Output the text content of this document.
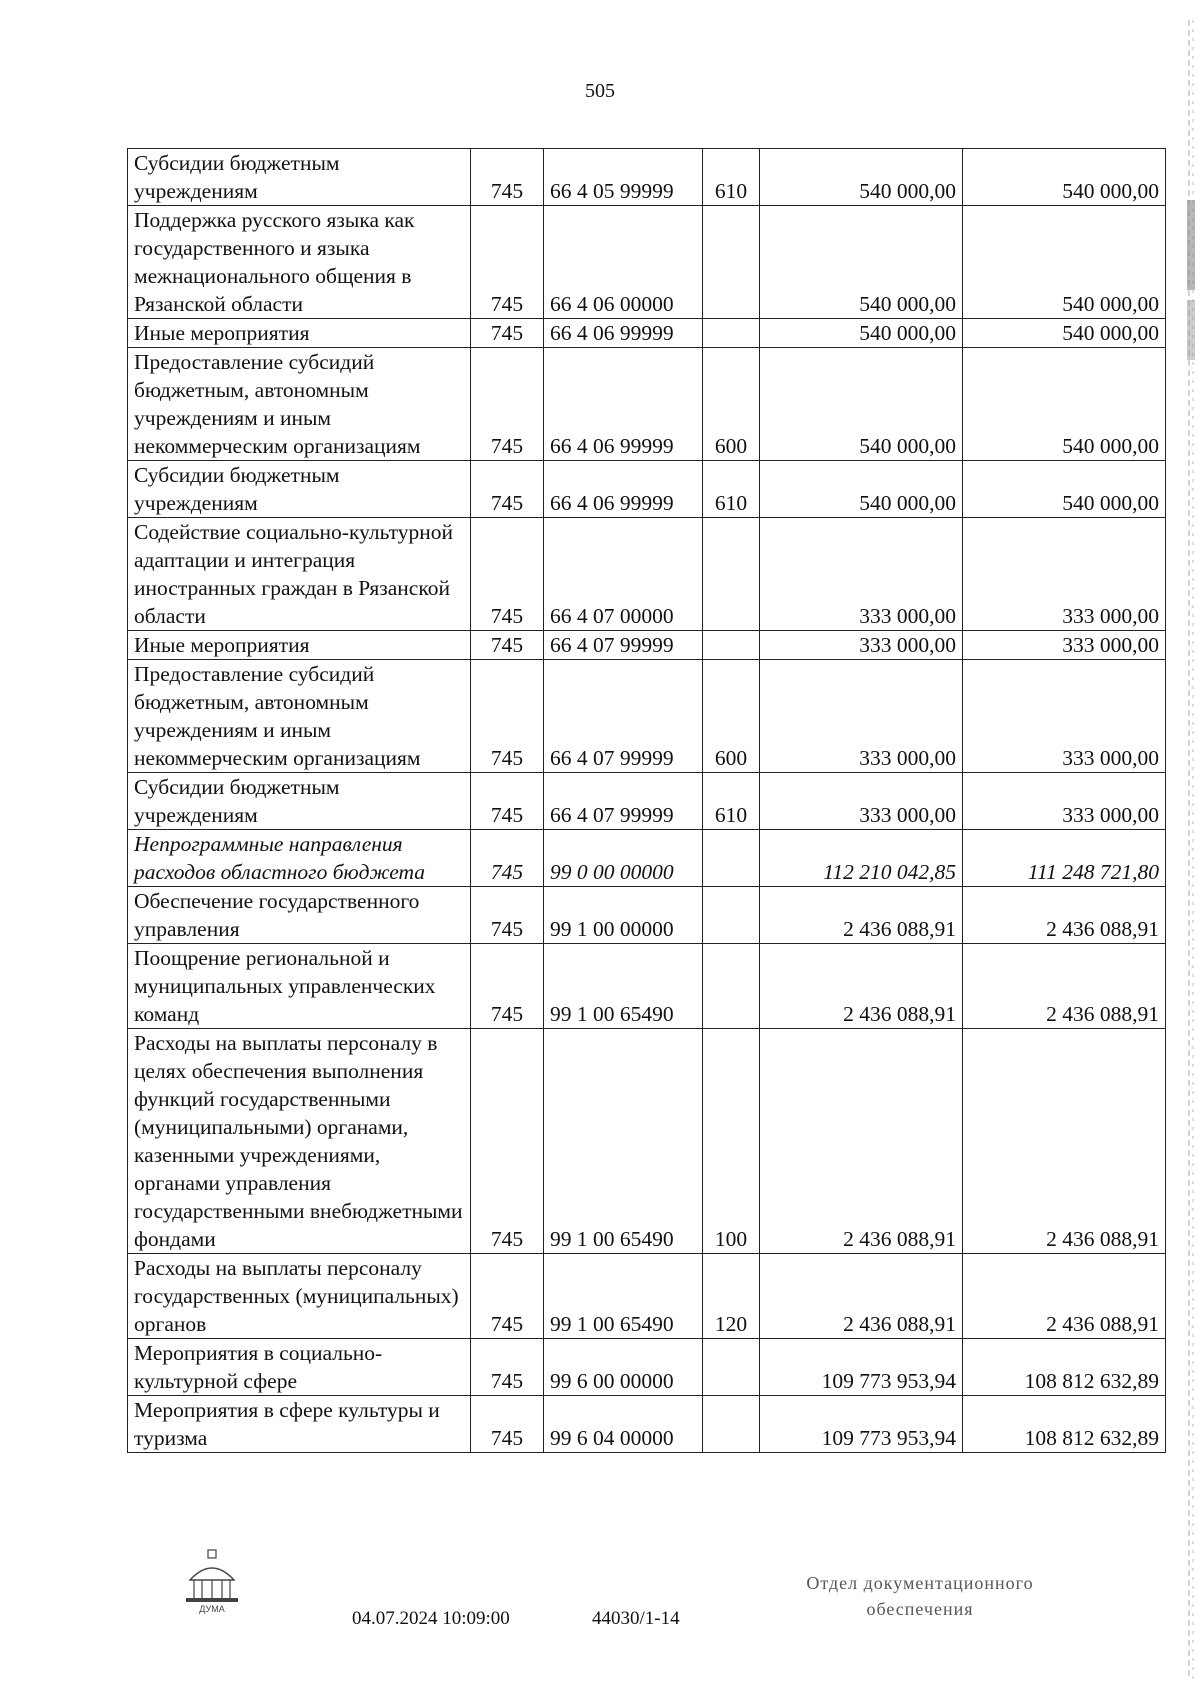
505
Субсидии бюджетным учреждениям	745	66 4 05 99999	610	540 000,00	540 000,00
Поддержка русского языка как государственного и языка межнационального общения в Рязанской области	745	66 4 06 00000		540 000,00	540 000,00
Иные мероприятия	745	66 4 06 99999		540 000,00	540 000,00
Предоставление субсидий бюджетным, автономным учреждениям и иным некоммерческим организациям	745	66 4 06 99999	600	540 000,00	540 000,00
Субсидии бюджетным учреждениям	745	66 4 06 99999	610	540 000,00	540 000,00
Содействие социально-культурной адаптации и интеграция иностранных граждан в Рязанской области	745	66 4 07 00000		333 000,00	333 000,00
Иные мероприятия	745	66 4 07 99999		333 000,00	333 000,00
Предоставление субсидий бюджетным, автономным учреждениям и иным некоммерческим организациям	745	66 4 07 99999	600	333 000,00	333 000,00
Субсидии бюджетным учреждениям	745	66 4 07 99999	610	333 000,00	333 000,00
Непрограммные направления расходов областного бюджета	745	99 0 00 00000		112 210 042,85	111 248 721,80
Обеспечение государственного управления	745	99 1 00 00000		2 436 088,91	2 436 088,91
Поощрение региональной и муниципальных управленческих команд	745	99 1 00 65490		2 436 088,91	2 436 088,91
Расходы на выплаты персоналу в целях обеспечения выполнения функций государственными (муниципальными) органами, казенными учреждениями, органами управления государственными внебюджетными фондами	745	99 1 00 65490	100	2 436 088,91	2 436 088,91
Расходы на выплаты персоналу государственных (муниципальных) органов	745	99 1 00 65490	120	2 436 088,91	2 436 088,91
Мероприятия в социально-культурной сфере	745	99 6 00 00000		109 773 953,94	108 812 632,89
Мероприятия в сфере культуры и туризма	745	99 6 04 00000		109 773 953,94	108 812 632,89
ДУМА	04.07.2024 10:09:00	44030/1-14
Отдел документационного
обеспечения
